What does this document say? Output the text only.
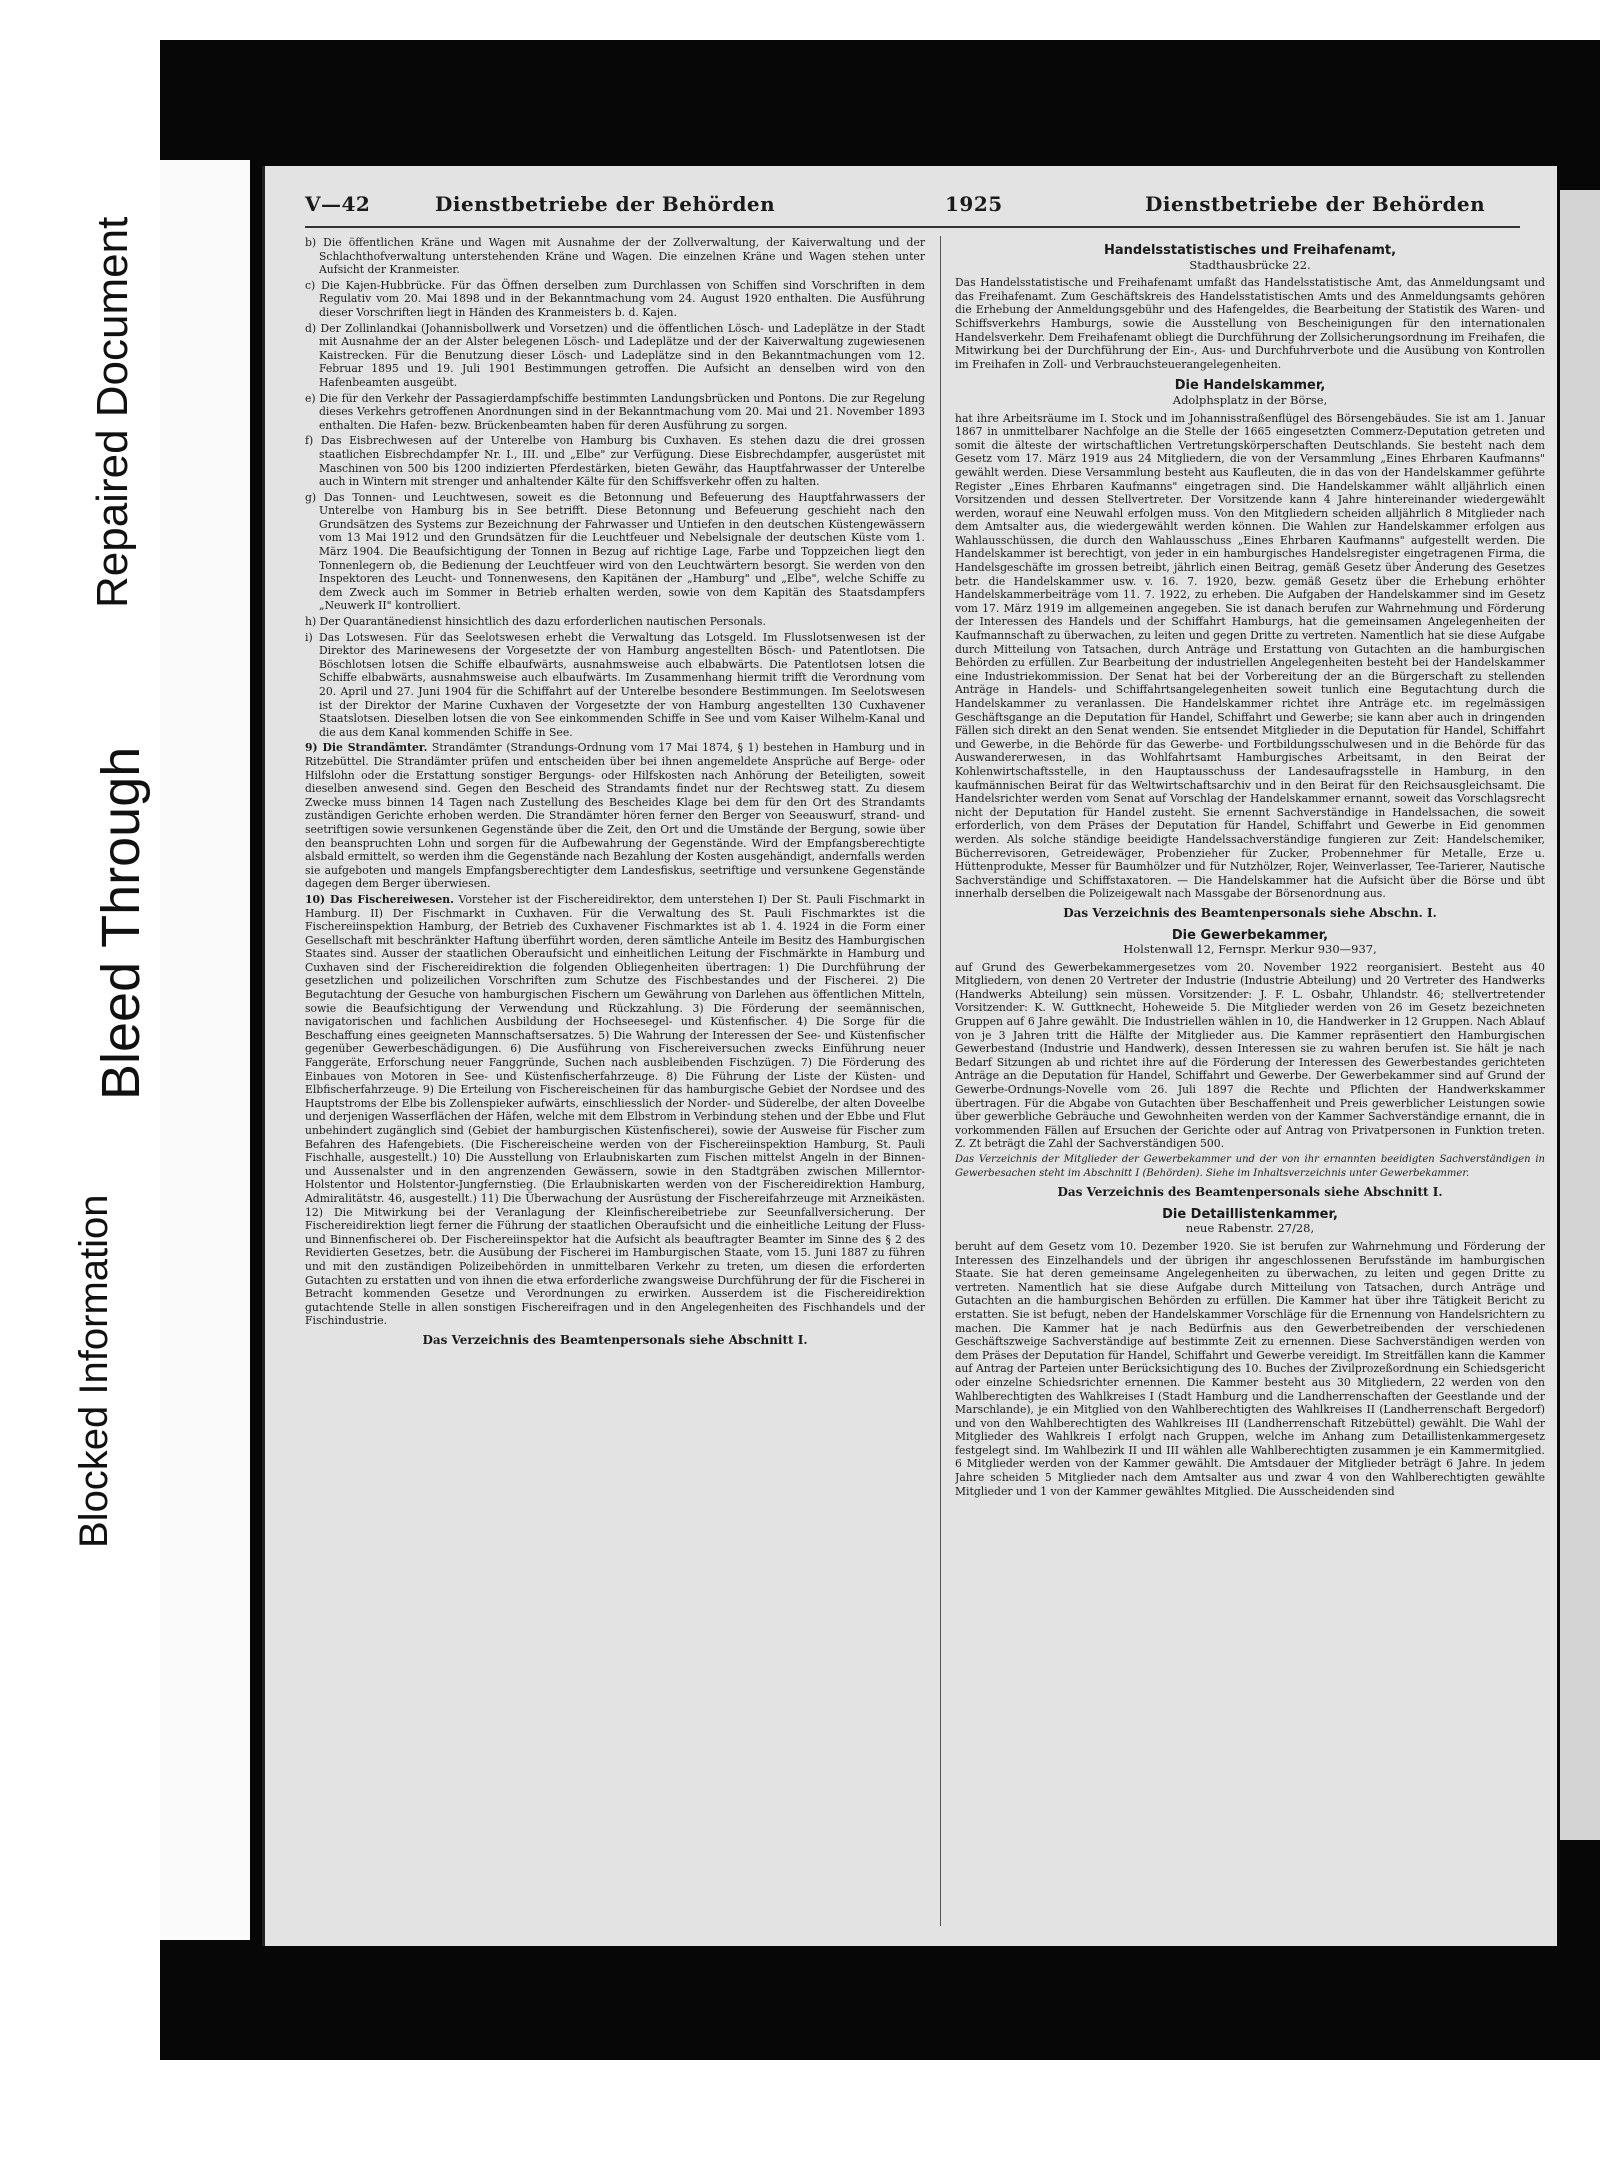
Bleed Through
Repaired Document
Blocked Information
V—42	Dienstbetriebe der Behörden	1925	Dienstbetriebe der Behörden

b) Die öffentlichen Kräne und Wagen mit Ausnahme der der Zollverwaltung, der Kaiverwaltung und der Schlachthofverwaltung unterstehenden Kräne und Wagen. Die einzelnen Kräne und Wagen stehen unter Aufsicht der Kranmeister.

c) Die Kajen-Hubbrücke. Für das Öffnen derselben zum Durchlassen von Schiffen sind Vorschriften in dem Regulativ vom 20. Mai 1898 und in der Bekanntmachung vom 24. August 1920 enthalten. Die Ausführung dieser Vorschriften liegt in Händen des Kranmeisters b. d. Kajen.

d) Der Zollinlandkai (Johannisbollwerk und Vorsetzen) und die öffentlichen Lösch- und Ladeplätze in der Stadt mit Ausnahme der an der Alster belegenen Lösch- und Ladeplätze und der der Kaiverwaltung zugewiesenen Kaistrecken. Für die Benutzung dieser Lösch- und Ladeplätze sind in den Bekanntmachungen vom 12. Februar 1895 und 19. Juli 1901 Bestimmungen getroffen. Die Aufsicht an denselben wird von den Hafenbeamten ausgeübt.

e) Die für den Verkehr der Passagierdampfschiffe bestimmten Landungsbrücken und Pontons. Die zur Regelung dieses Verkehrs getroffenen Anordnungen sind in der Bekanntmachung vom 20. Mai und 21. November 1893 enthalten. Die Hafen- bezw. Brückenbeamten haben für deren Ausführung zu sorgen.

f) Das Eisbrechwesen auf der Unterelbe von Hamburg bis Cuxhaven. Es stehen dazu die drei grossen staatlichen Eisbrechdampfer Nr. I., III. und „Elbe" zur Verfügung. Diese Eisbrechdampfer, ausgerüstet mit Maschinen von 500 bis 1200 indizierten Pferdestärken, bieten Gewähr, das Hauptfahrwasser der Unterelbe auch in Wintern mit strenger und anhaltender Kälte für den Schiffsverkehr offen zu halten.

g) Das Tonnen- und Leuchtwesen, soweit es die Betonnung und Befeuerung des Hauptfahrwassers der Unterelbe von Hamburg bis in See betrifft. Diese Betonnung und Befeuerung geschieht nach den Grundsätzen des Systems zur Bezeichnung der Fahrwasser und Untiefen in den deutschen Küstengewässern vom 13 Mai 1912 und den Grundsätzen für die Leuchtfeuer und Nebelsignale der deutschen Küste vom 1. März 1904. Die Beaufsichtigung der Tonnen in Bezug auf richtige Lage, Farbe und Toppzeichen liegt den Tonnenlegern ob, die Bedienung der Leuchtfeuer wird von den Leuchtwärtern besorgt. Sie werden von den Inspektoren des Leucht- und Tonnenwesens, den Kapitänen der „Hamburg" und „Elbe", welche Schiffe zu dem Zweck auch im Sommer in Betrieb erhalten werden, sowie von dem Kapitän des Staatsdampfers „Neuwerk II" kontrolliert.

h) Der Quarantänedienst hinsichtlich des dazu erforderlichen nautischen Personals.

i) Das Lotswesen. Für das Seelotswesen erhebt die Verwaltung das Lotsgeld. Im Flusslotsenwesen ist der Direktor des Marinewesens der Vorgesetzte der von Hamburg angestellten Bösch- und Patentlotsen. Die Böschlotsen lotsen die Schiffe elbaufwärts, ausnahmsweise auch elbabwärts. Die Patentlotsen lotsen die Schiffe elbabwärts, ausnahmsweise auch elbaufwärts. Im Zusammenhang hiermit trifft die Verordnung vom 20. April und 27. Juni 1904 für die Schiffahrt auf der Unterelbe besondere Bestimmungen. Im Seelotswesen ist der Direktor der Marine Cuxhaven der Vorgesetzte der von Hamburg angestellten 130 Cuxhavener Staatslotsen. Dieselben lotsen die von See einkommenden Schiffe in See und vom Kaiser Wilhelm-Kanal und die aus dem Kanal kommenden Schiffe in See.

9) Die Strandämter. Strandämter (Strandungs-Ordnung vom 17 Mai 1874, § 1) bestehen in Hamburg und in Ritzebüttel. Die Strandämter prüfen und entscheiden über bei ihnen angemeldete Ansprüche auf Berge- oder Hilfslohn oder die Erstattung sonstiger Bergungs- oder Hilfskosten nach Anhörung der Beteiligten, soweit dieselben anwesend sind. Gegen den Bescheid des Strandamts findet nur der Rechtsweg statt. Zu diesem Zwecke muss binnen 14 Tagen nach Zustellung des Bescheides Klage bei dem für den Ort des Strandamts zuständigen Gerichte erhoben werden. Die Strandämter hören ferner den Berger von Seeauswurf, strand- und seetriftigen sowie versunkenen Gegenstände über die Zeit, den Ort und die Umstände der Bergung, sowie über den beanspruchten Lohn und sorgen für die Aufbewahrung der Gegenstände. Wird der Empfangsberechtigte alsbald ermittelt, so werden ihm die Gegenstände nach Bezahlung der Kosten ausgehändigt, andernfalls werden sie aufgeboten und mangels Empfangsberechtigter dem Landesfiskus, seetriftige und versunkene Gegenstände dagegen dem Berger überwiesen.

10) Das Fischereiwesen. Vorsteher ist der Fischereidirektor, dem unterstehen I) Der St. Pauli Fischmarkt in Hamburg. II) Der Fischmarkt in Cuxhaven. Für die Verwaltung des St. Pauli Fischmarktes ist die Fischereiinspektion Hamburg, der Betrieb des Cuxhavener Fischmarktes ist ab 1. 4. 1924 in die Form einer Gesellschaft mit beschränkter Haftung überführt worden, deren sämtliche Anteile im Besitz des Hamburgischen Staates sind. Ausser der staatlichen Oberaufsicht und einheitlichen Leitung der Fischmärkte in Hamburg und Cuxhaven sind der Fischereidirektion die folgenden Obliegenheiten übertragen: 1) Die Durchführung der gesetzlichen und polizeilichen Vorschriften zum Schutze des Fischbestandes und der Fischerei. 2) Die Begutachtung der Gesuche von hamburgischen Fischern um Gewährung von Darlehen aus öffentlichen Mitteln, sowie die Beaufsichtigung der Verwendung und Rückzahlung. 3) Die Förderung der seemännischen, navigatorischen und fachlichen Ausbildung der Hochseesegel- und Küstenfischer. 4) Die Sorge für die Beschaffung eines geeigneten Mannschaftsersatzes. 5) Die Wahrung der Interessen der See- und Küstenfischer gegenüber Gewerbeschädigungen. 6) Die Ausführung von Fischereiversuchen zwecks Einführung neuer Fanggeräte, Erforschung neuer Fanggründe, Suchen nach ausbleibenden Fischzügen. 7) Die Förderung des Einbaues von Motoren in See- und Küstenfischerfahrzeuge. 8) Die Führung der Liste der Küsten- und Elbfischerfahrzeuge. 9) Die Erteilung von Fischereischeinen für das hamburgische Gebiet der Nordsee und des Hauptstroms der Elbe bis Zollenspieker aufwärts, einschliesslich der Norder- und Süderelbe, der alten Doveelbe und derjenigen Wasserflächen der Häfen, welche mit dem Elbstrom in Verbindung stehen und der Ebbe und Flut unbehindert zugänglich sind (Gebiet der hamburgischen Küstenfischerei), sowie der Ausweise für Fischer zum Befahren des Hafengebiets. (Die Fischereischeine werden von der Fischereiinspektion Hamburg, St. Pauli Fischhalle, ausgestellt.) 10) Die Ausstellung von Erlaubniskarten zum Fischen mittelst Angeln in der Binnen- und Aussenalster und in den angrenzenden Gewässern, sowie in den Stadtgräben zwischen Millerntor-Holstentor und Holstentor-Jungfernstieg. (Die Erlaubniskarten werden von der Fischereidirektion Hamburg, Admiralitätstr. 46, ausgestellt.) 11) Die Überwachung der Ausrüstung der Fischereifahrzeuge mit Arzneikästen. 12) Die Mitwirkung bei der Veranlagung der Kleinfischereibetriebe zur Seeunfallversicherung. Der Fischereidirektion liegt ferner die Führung der staatlichen Oberaufsicht und die einheitliche Leitung der Fluss- und Binnenfischerei ob. Der Fischereiinspektor hat die Aufsicht als beauftragter Beamter im Sinne des § 2 des Revidierten Gesetzes, betr. die Ausübung der Fischerei im Hamburgischen Staate, vom 15. Juni 1887 zu führen und mit den zuständigen Polizeibehörden in unmittelbaren Verkehr zu treten, um diesen die erforderten Gutachten zu erstatten und von ihnen die etwa erforderliche zwangsweise Durchführung der für die Fischerei in Betracht kommenden Gesetze und Verordnungen zu erwirken. Ausserdem ist die Fischereidirektion gutachtende Stelle in allen sonstigen Fischereifragen und in den Angelegenheiten des Fischhandels und der Fischindustrie.

Das Verzeichnis des Beamtenpersonals siehe Abschnitt I.

Handelsstatistisches und Freihafenamt,

Stadthausbrücke 22.

Das Handelsstatistische und Freihafenamt umfaßt das Handelsstatistische Amt, das Anmeldungsamt und das Freihafenamt. Zum Geschäftskreis des Handelsstatistischen Amts und des Anmeldungsamts gehören die Erhebung der Anmeldungsgebühr und des Hafengeldes, die Bearbeitung der Statistik des Waren- und Schiffsverkehrs Hamburgs, sowie die Ausstellung von Bescheinigungen für den internationalen Handelsverkehr. Dem Freihafenamt obliegt die Durchführung der Zollsicherungsordnung im Freihafen, die Mitwirkung bei der Durchführung der Ein-, Aus- und Durchfuhrverbote und die Ausübung von Kontrollen im Freihafen in Zoll- und Verbrauchsteuerangelegenheiten.

Die Handelskammer,

Adolphsplatz in der Börse,

hat ihre Arbeitsräume im I. Stock und im Johannisstraßenflügel des Börsengebäudes. Sie ist am 1. Januar 1867 in unmittelbarer Nachfolge an die Stelle der 1665 eingesetzten Commerz-Deputation getreten und somit die älteste der wirtschaftlichen Vertretungskörperschaften Deutschlands. Sie besteht nach dem Gesetz vom 17. März 1919 aus 24 Mitgliedern, die von der Versammlung „Eines Ehrbaren Kaufmanns" gewählt werden. Diese Versammlung besteht aus Kaufleuten, die in das von der Handelskammer geführte Register „Eines Ehrbaren Kaufmanns" eingetragen sind. Die Handelskammer wählt alljährlich einen Vorsitzenden und dessen Stellvertreter. Der Vorsitzende kann 4 Jahre hintereinander wiedergewählt werden, worauf eine Neuwahl erfolgen muss. Von den Mitgliedern scheiden alljährlich 8 Mitglieder nach dem Amtsalter aus, die wiedergewählt werden können. Die Wahlen zur Handelskammer erfolgen aus Wahlausschüssen, die durch den Wahlausschuss „Eines Ehrbaren Kaufmanns" aufgestellt werden. Die Handelskammer ist berechtigt, von jeder in ein hamburgisches Handelsregister eingetragenen Firma, die Handelsgeschäfte im grossen betreibt, jährlich einen Beitrag, gemäß Gesetz über Änderung des Gesetzes betr. die Handelskammer usw. v. 16. 7. 1920, bezw. gemäß Gesetz über die Erhebung erhöhter Handelskammerbeiträge vom 11. 7. 1922, zu erheben. Die Aufgaben der Handelskammer sind im Gesetz vom 17. März 1919 im allgemeinen angegeben. Sie ist danach berufen zur Wahrnehmung und Förderung der Interessen des Handels und der Schiffahrt Hamburgs, hat die gemeinsamen Angelegenheiten der Kaufmannschaft zu überwachen, zu leiten und gegen Dritte zu vertreten. Namentlich hat sie diese Aufgabe durch Mitteilung von Tatsachen, durch Anträge und Erstattung von Gutachten an die hamburgischen Behörden zu erfüllen. Zur Bearbeitung der industriellen Angelegenheiten besteht bei der Handelskammer eine Industriekommission. Der Senat hat bei der Vorbereitung der an die Bürgerschaft zu stellenden Anträge in Handels- und Schiffahrtsangelegenheiten soweit tunlich eine Begutachtung durch die Handelskammer zu veranlassen. Die Handelskammer richtet ihre Anträge etc. im regelmässigen Geschäftsgange an die Deputation für Handel, Schiffahrt und Gewerbe; sie kann aber auch in dringenden Fällen sich direkt an den Senat wenden. Sie entsendet Mitglieder in die Deputation für Handel, Schiffahrt und Gewerbe, in die Behörde für das Gewerbe- und Fortbildungsschulwesen und in die Behörde für das Auswandererwesen, in das Wohlfahrtsamt Hamburgisches Arbeitsamt, in den Beirat der Kohlenwirtschaftsstelle, in den Hauptausschuss der Landesaufragsstelle in Hamburg, in den kaufmännischen Beirat für das Weltwirtschaftsarchiv und in den Beirat für den Reichsausgleichsamt. Die Handelsrichter werden vom Senat auf Vorschlag der Handelskammer ernannt, soweit das Vorschlagsrecht nicht der Deputation für Handel zusteht. Sie ernennt Sachverständige in Handelssachen, die soweit erforderlich, von dem Präses der Deputation für Handel, Schiffahrt und Gewerbe in Eid genommen werden. Als solche ständige beeidigte Handelssachverständige fungieren zur Zeit: Handelschemiker, Bücherrevisoren, Getreidewäger, Probenzieher für Zucker, Probennehmer für Metalle, Erze u. Hüttenprodukte, Messer für Baumhölzer und für Nutzhölzer, Rojer, Weinverlasser, Tee-Tarierer, Nautische Sachverständige und Schiffstaxatoren. — Die Handelskammer hat die Aufsicht über die Börse und übt innerhalb derselben die Polizeigewalt nach Massgabe der Börsenordnung aus.

Das Verzeichnis des Beamtenpersonals siehe Abschn. I.

Die Gewerbekammer,

Holstenwall 12, Fernspr. Merkur 930—937,

auf Grund des Gewerbekammergesetzes vom 20. November 1922 reorganisiert. Besteht aus 40 Mitgliedern, von denen 20 Vertreter der Industrie (Industrie Abteilung) und 20 Vertreter des Handwerks (Handwerks Abteilung) sein müssen. Vorsitzender: J. F. L. Osbahr, Uhlandstr. 46; stellvertretender Vorsitzender: K. W. Guttknecht, Hoheweide 5. Die Mitglieder werden von 26 im Gesetz bezeichneten Gruppen auf 6 Jahre gewählt. Die Industriellen wählen in 10, die Handwerker in 12 Gruppen. Nach Ablauf von je 3 Jahren tritt die Hälfte der Mitglieder aus. Die Kammer repräsentiert den Hamburgischen Gewerbestand (Industrie und Handwerk), dessen Interessen sie zu wahren berufen ist. Sie hält je nach Bedarf Sitzungen ab und richtet ihre auf die Förderung der Interessen des Gewerbestandes gerichteten Anträge an die Deputation für Handel, Schiffahrt und Gewerbe. Der Gewerbekammer sind auf Grund der Gewerbe-Ordnungs-Novelle vom 26. Juli 1897 die Rechte und Pflichten der Handwerkskammer übertragen. Für die Abgabe von Gutachten über Beschaffenheit und Preis gewerblicher Leistungen sowie über gewerbliche Gebräuche und Gewohnheiten werden von der Kammer Sachverständige ernannt, die in vorkommenden Fällen auf Ersuchen der Gerichte oder auf Antrag von Privatpersonen in Funktion treten. Z. Zt beträgt die Zahl der Sachverständigen 500.

Das Verzeichnis der Mitglieder der Gewerbekammer und der von ihr ernannten beeidigten Sachverständigen in Gewerbesachen steht im Abschnitt I (Behörden). Siehe im Inhaltsverzeichnis unter Gewerbekammer.

Das Verzeichnis des Beamtenpersonals siehe Abschnitt I.

Die Detaillistenkammer,

neue Rabenstr. 27/28,

beruht auf dem Gesetz vom 10. Dezember 1920. Sie ist berufen zur Wahrnehmung und Förderung der Interessen des Einzelhandels und der übrigen ihr angeschlossenen Berufsstände im hamburgischen Staate. Sie hat deren gemeinsame Angelegenheiten zu überwachen, zu leiten und gegen Dritte zu vertreten. Namentlich hat sie diese Aufgabe durch Mitteilung von Tatsachen, durch Anträge und Gutachten an die hamburgischen Behörden zu erfüllen. Die Kammer hat über ihre Tätigkeit Bericht zu erstatten. Sie ist befugt, neben der Handelskammer Vorschläge für die Ernennung von Handelsrichtern zu machen. Die Kammer hat je nach Bedürfnis aus den Gewerbetreibenden der verschiedenen Geschäftszweige Sachverständige auf bestimmte Zeit zu ernennen. Diese Sachverständigen werden von dem Präses der Deputation für Handel, Schiffahrt und Gewerbe vereidigt. Im Streitfällen kann die Kammer auf Antrag der Parteien unter Berücksichtigung des 10. Buches der Zivilprozeßordnung ein Schiedsgericht oder einzelne Schiedsrichter ernennen. Die Kammer besteht aus 30 Mitgliedern, 22 werden von den Wahlberechtigten des Wahlkreises I (Stadt Hamburg und die Landherrenschaften der Geestlande und der Marschlande), je ein Mitglied von den Wahlberechtigten des Wahlkreises II (Landherrenschaft Bergedorf) und von den Wahlberechtigten des Wahlkreises III (Landherrenschaft Ritzebüttel) gewählt. Die Wahl der Mitglieder des Wahlkreis I erfolgt nach Gruppen, welche im Anhang zum Detaillistenkammergesetz festgelegt sind. Im Wahlbezirk II und III wählen alle Wahlberechtigten zusammen je ein Kammermitglied. 6 Mitglieder werden von der Kammer gewählt. Die Amtsdauer der Mitglieder beträgt 6 Jahre. In jedem Jahre scheiden 5 Mitglieder nach dem Amtsalter aus und zwar 4 von den Wahlberechtigten gewählte Mitglieder und 1 von der Kammer gewähltes Mitglied. Die Ausscheidenden sind
